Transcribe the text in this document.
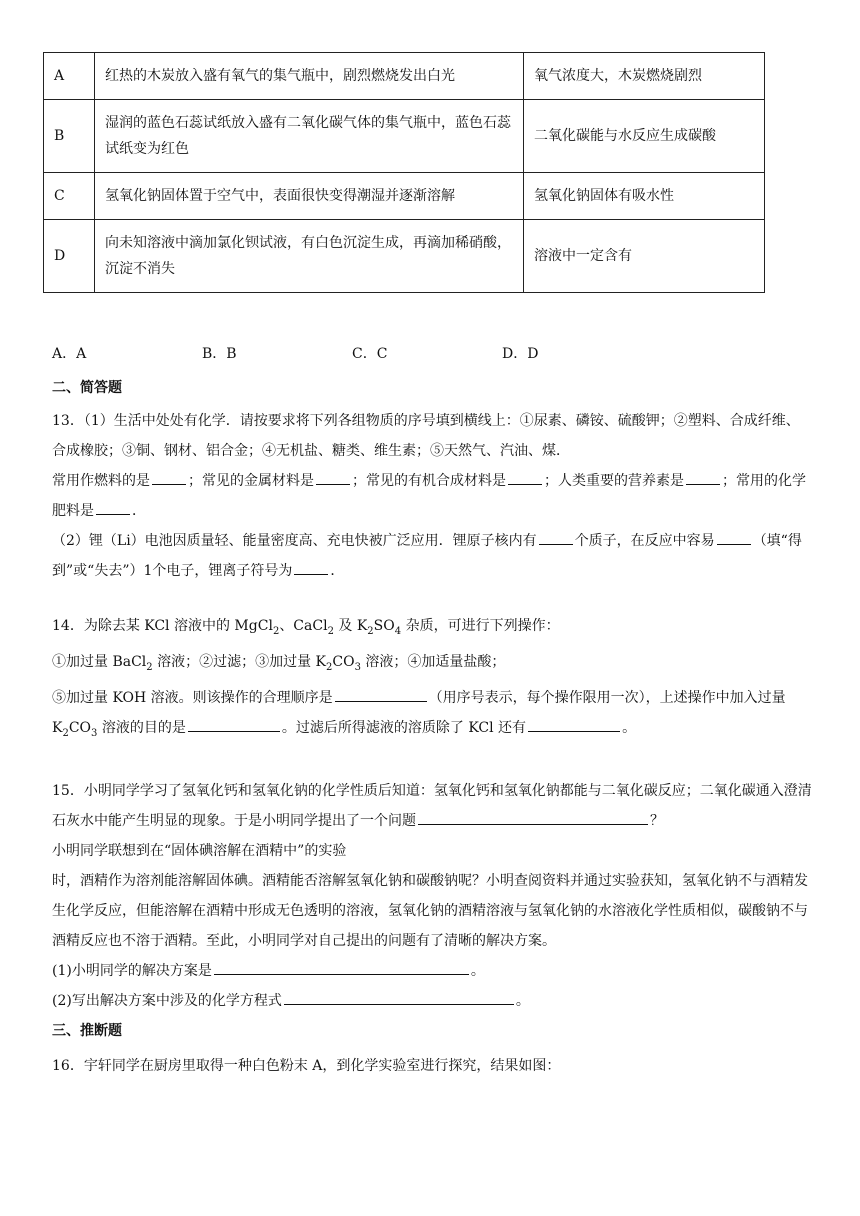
A	红热的木炭放入盛有氧气的集气瓶中，剧烈燃烧发出白光	氧气浓度大，木炭燃烧剧烈
B	湿润的蓝色石蕊试纸放入盛有二氧化碳气体的集气瓶中，蓝色石蕊试纸变为红色	二氧化碳能与水反应生成碳酸
C	氢氧化钠固体置于空气中，表面很快变得潮湿并逐渐溶解	氢氧化钠固体有吸水性
D	向未知溶液中滴加氯化钡试液，有白色沉淀生成，再滴加稀硝酸，沉淀不消失	溶液中一定含有
A．A	B．B	C．C	D．D
二、简答题
13．（1）生活中处处有化学．请按要求将下列各组物质的序号填到横线上：①尿素、磷铵、硫酸钾；②塑料、合成纤维、合成橡胶；③铜、钢材、铝合金；④无机盐、糖类、维生素；⑤天然气、汽油、煤．
常用作燃料的是	；常见的金属材料是	；常见的有机合成材料是	；人类重要的营养素是	；常用的化学肥料是	．
（2）锂（Li）电池因质量轻、能量密度高、充电快被广泛应用．锂原子核内有	个质子，在反应中容易	（填“得到”或“失去”）1个电子，锂离子符号为	．
14．为除去某 KCl 溶液中的 MgCl$_2$、CaCl$_2$ 及 $K_2SO_4$ 杂质，可进行下列操作：
①加过量 BaCl$_2$ 溶液；②过滤；③加过量 $K_2CO_3$ 溶液；④加适量盐酸；
⑤加过量 KOH 溶液。则该操作的合理顺序是	（用序号表示，每个操作限用一次），上述操作中加入过量 $K_2CO_3$ 溶液的目的是	。过滤后所得滤液的溶质除了 KCl 还有	。
15．小明同学学习了氢氧化钙和氢氧化钠的化学性质后知道：氢氧化钙和氢氧化钠都能与二氧化碳反应；二氧化碳通入澄清石灰水中能产生明显的现象。于是小明同学提出了一个问题	？
小明同学联想到在“固体碘溶解在酒精中”的实验
时，酒精作为溶剂能溶解固体碘。酒精能否溶解氢氧化钠和碳酸钠呢？小明查阅资料并通过实验获知，氢氧化钠不与酒精发生化学反应，但能溶解在酒精中形成无色透明的溶液，氢氧化钠的酒精溶液与氢氧化钠的水溶液化学性质相似，碳酸钠不与酒精反应也不溶于酒精。至此，小明同学对自己提出的问题有了清晰的解决方案。
(1)小明同学的解决方案是	。
(2)写出解决方案中涉及的化学方程式	。
三、推断题
16．宇轩同学在厨房里取得一种白色粉末 A，到化学实验室进行探究，结果如图：
